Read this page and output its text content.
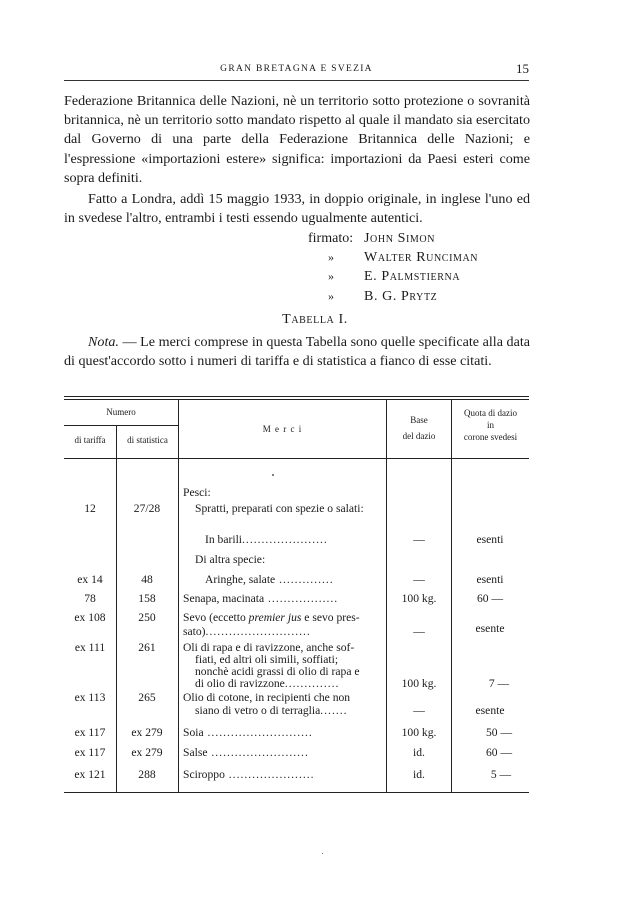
GRAN BRETAGNA E SVEZIA	15
Federazione Britannica delle Nazioni, nè un territorio sotto protezione o sovranità britannica, nè un territorio sotto mandato rispetto al quale il mandato sia esercitato dal Governo di una parte della Federazione Britannica delle Nazioni; e l'espressione «importazioni estere» significa: importazioni da Paesi esteri come sopra definiti.
Fatto a Londra, addì 15 maggio 1933, in doppio originale, in inglese l'uno ed in svedese l'altro, entrambi i testi essendo ugualmente autentici.
firmato: John Simon
»	Walter Runciman
»	E. Palmstierna
»	B. G. Prytz
Tabella I.
Nota. — Le merci comprese in questa Tabella sono quelle specificate alla data di quest'accordo sotto i numeri di tariffa e di statistica a fianco di esse citati.
Numero
di tariffa	di statistica
M e r c i
Base
del dazio
Quota di dazio
in
corone svedesi
Pesci:
12	27/28	Spratti, preparati con spezie o salati:
In barili......................	—	esenti
Di altra specie:
ex 14	48	Aringhe, salate ..............	—	esenti
78	158	Senapa, macinata ..................	100 kg.	60 —
ex 108	250	Sevo (eccetto premier jus e sevo pres-
sato)...........................	—	esente
ex 111	261	Oli di rapa e di ravizzone, anche sof-
fiati, ed altri oli simili, soffiati;
nonchè acidi grassi di olio di rapa e
di olio di ravizzone..............	100 kg.	7 —
ex 113	265	Olio di cotone, in recipienti che non
siano di vetro o di terraglia.......	—	esente
ex 117	ex 279	Soia ...........................	100 kg.	50 —
ex 117	ex 279	Salse .........................	id.	60 —
ex 121	288	Sciroppo ......................	id.	5 —
